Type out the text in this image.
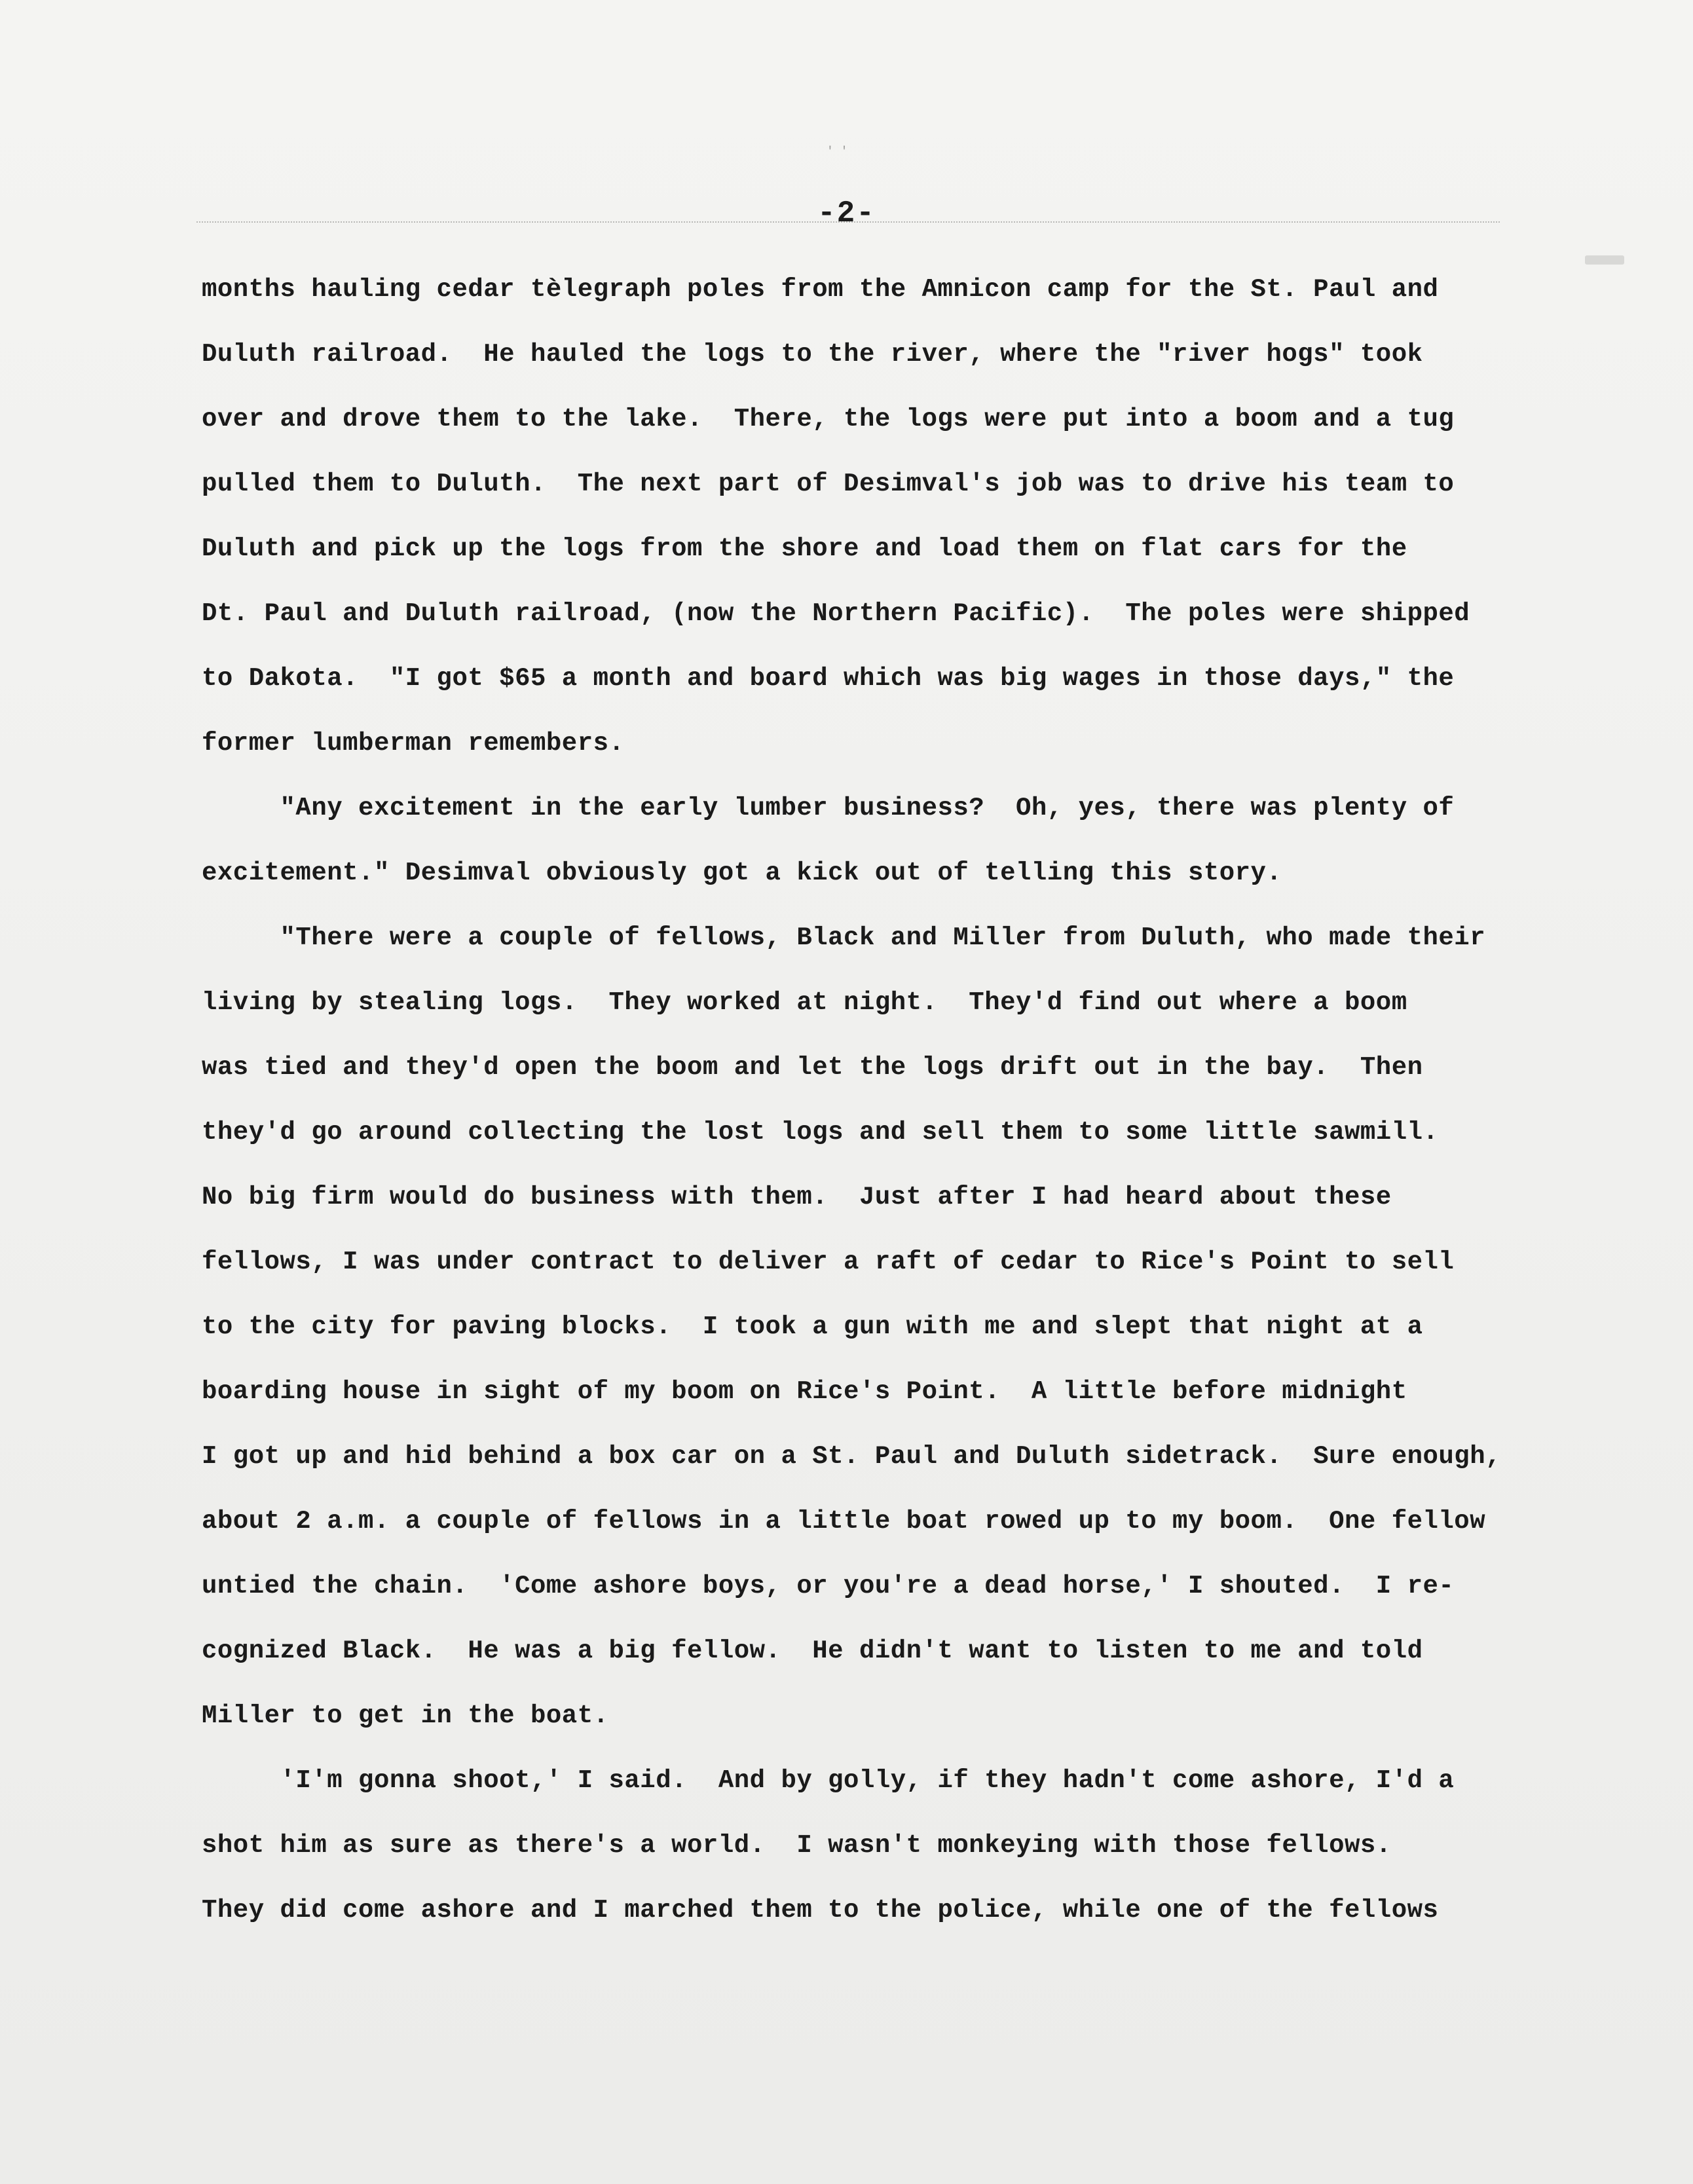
' '
-2-
months hauling cedar tèlegraph poles from the Amnicon camp for the St. Paul and
Duluth railroad.  He hauled the logs to the river, where the "river hogs" took
over and drove them to the lake.  There, the logs were put into a boom and a tug
pulled them to Duluth.  The next part of Desimval's job was to drive his team to
Duluth and pick up the logs from the shore and load them on flat cars for the
Dt. Paul and Duluth railroad, (now the Northern Pacific).  The poles were shipped
to Dakota.  "I got $65 a month and board which was big wages in those days," the
former lumberman remembers.
"Any excitement in the early lumber business?  Oh, yes, there was plenty of
excitement." Desimval obviously got a kick out of telling this story.
"There were a couple of fellows, Black and Miller from Duluth, who made their
living by stealing logs.  They worked at night.  They'd find out where a boom
was tied and they'd open the boom and let the logs drift out in the bay.  Then
they'd go around collecting the lost logs and sell them to some little sawmill.
No big firm would do business with them.  Just after I had heard about these
fellows, I was under contract to deliver a raft of cedar to Rice's Point to sell
to the city for paving blocks.  I took a gun with me and slept that night at a
boarding house in sight of my boom on Rice's Point.  A little before midnight
I got up and hid behind a box car on a St. Paul and Duluth sidetrack.  Sure enough,
about 2 a.m. a couple of fellows in a little boat rowed up to my boom.  One fellow
untied the chain.  'Come ashore boys, or you're a dead horse,' I shouted.  I re-
cognized Black.  He was a big fellow.  He didn't want to listen to me and told
Miller to get in the boat.
'I'm gonna shoot,' I said.  And by golly, if they hadn't come ashore, I'd a
shot him as sure as there's a world.  I wasn't monkeying with those fellows.
They did come ashore and I marched them to the police, while one of the fellows
